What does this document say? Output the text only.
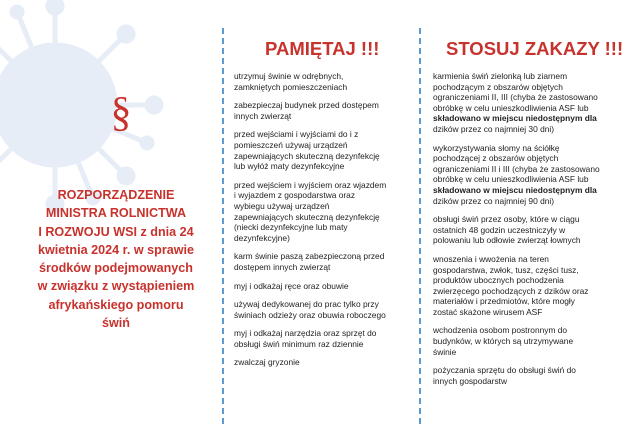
§
ROZPORZĄDZENIE
MINISTRA ROLNICTWA
I ROZWOJU WSI z dnia 24
kwietnia 2024 r. w sprawie
środków podejmowanych
w związku z wystąpieniem
afrykańskiego pomoru
świń
PAMIĘTAJ !!!	STOSUJ ZAKAZY !!!
utrzymuj świnie w odrębnych,
zamkniętych pomieszczeniach
zabezpieczaj budynek przed dostępem
innych zwierząt
przed wejściami i wyjściami do i z
pomieszczeń używaj urządzeń
zapewniających skuteczną dezynfekcję
lub wyłóż maty dezynfekcyjne
przed wejściem i wyjściem oraz wjazdem
i wyjazdem z gospodarstwa oraz
wybiegu używaj urządzeń
zapewniających skuteczną dezynfekcję
(niecki dezynfekcyjne lub maty
dezynfekcyjne)
karm świnie paszą zabezpieczoną przed
dostępem innych zwierząt
myj i odkażaj ręce oraz obuwie
używaj dedykowanej do prac tylko przy
świniach odzieży oraz obuwia roboczego
myj i odkażaj narzędzia oraz sprzęt do
obsługi świń minimum raz dziennie
zwalczaj gryzonie
karmienia świń zielonką lub ziarnem
pochodzącym z obszarów objętych
ograniczeniami II, III (chyba że zastosowano
obróbkę w celu unieszkodliwienia ASF lub
składowano w miejscu niedostępnym dla
dzików przez co najmniej 30 dni)
wykorzystywania słomy na ściółkę
pochodzącej z obszarów objętych
ograniczeniami II i III (chyba że zastosowano
obróbkę w celu unieszkodliwienia ASF lub
składowano w miejscu niedostępnym dla
dzików przez co najmniej 90 dni)
obsługi świń przez osoby, które w ciągu
ostatnich 48 godzin uczestniczyły w
polowaniu lub odłowie zwierząt łownych
wnoszenia i wwożenia na teren
gospodarstwa, zwłok, tusz, części tusz,
produktów ubocznych pochodzenia
zwierzęcego pochodzących z dzików oraz
materiałów i przedmiotów, które mogły
zostać skażone wirusem ASF
wchodzenia osobom postronnym do
budynków, w których są utrzymywane
świnie
pożyczania sprzętu do obsługi świń do
innych gospodarstw
